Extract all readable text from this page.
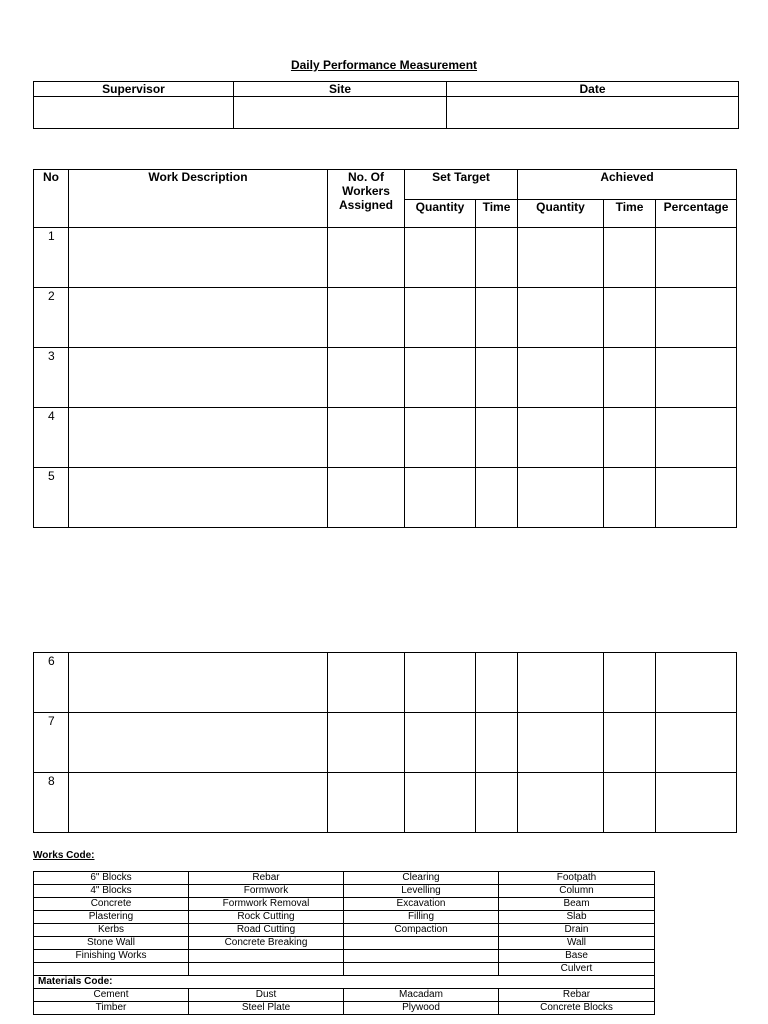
Daily Performance Measurement
Supervisor	Site	Date

No	Work Description	No. Of Workers Assigned	Set Target		Achieved		
			Quantity	Time	Quantity	Time	Percentage
1							
2							
3							
4							
5							
6							
7							
8							
Works Code:
6" Blocks	Rebar	Clearing	Footpath
4" Blocks	Formwork	Levelling	Column
Concrete	Formwork Removal	Excavation	Beam
Plastering	Rock Cutting	Filling	Slab
Kerbs	Road Cutting	Compaction	Drain
Stone Wall	Concrete Breaking		Wall
Finishing Works			Base
			Culvert
Materials Code:			
Cement	Dust	Macadam	Rebar
Timber	Steel Plate	Plywood	Concrete Blocks
